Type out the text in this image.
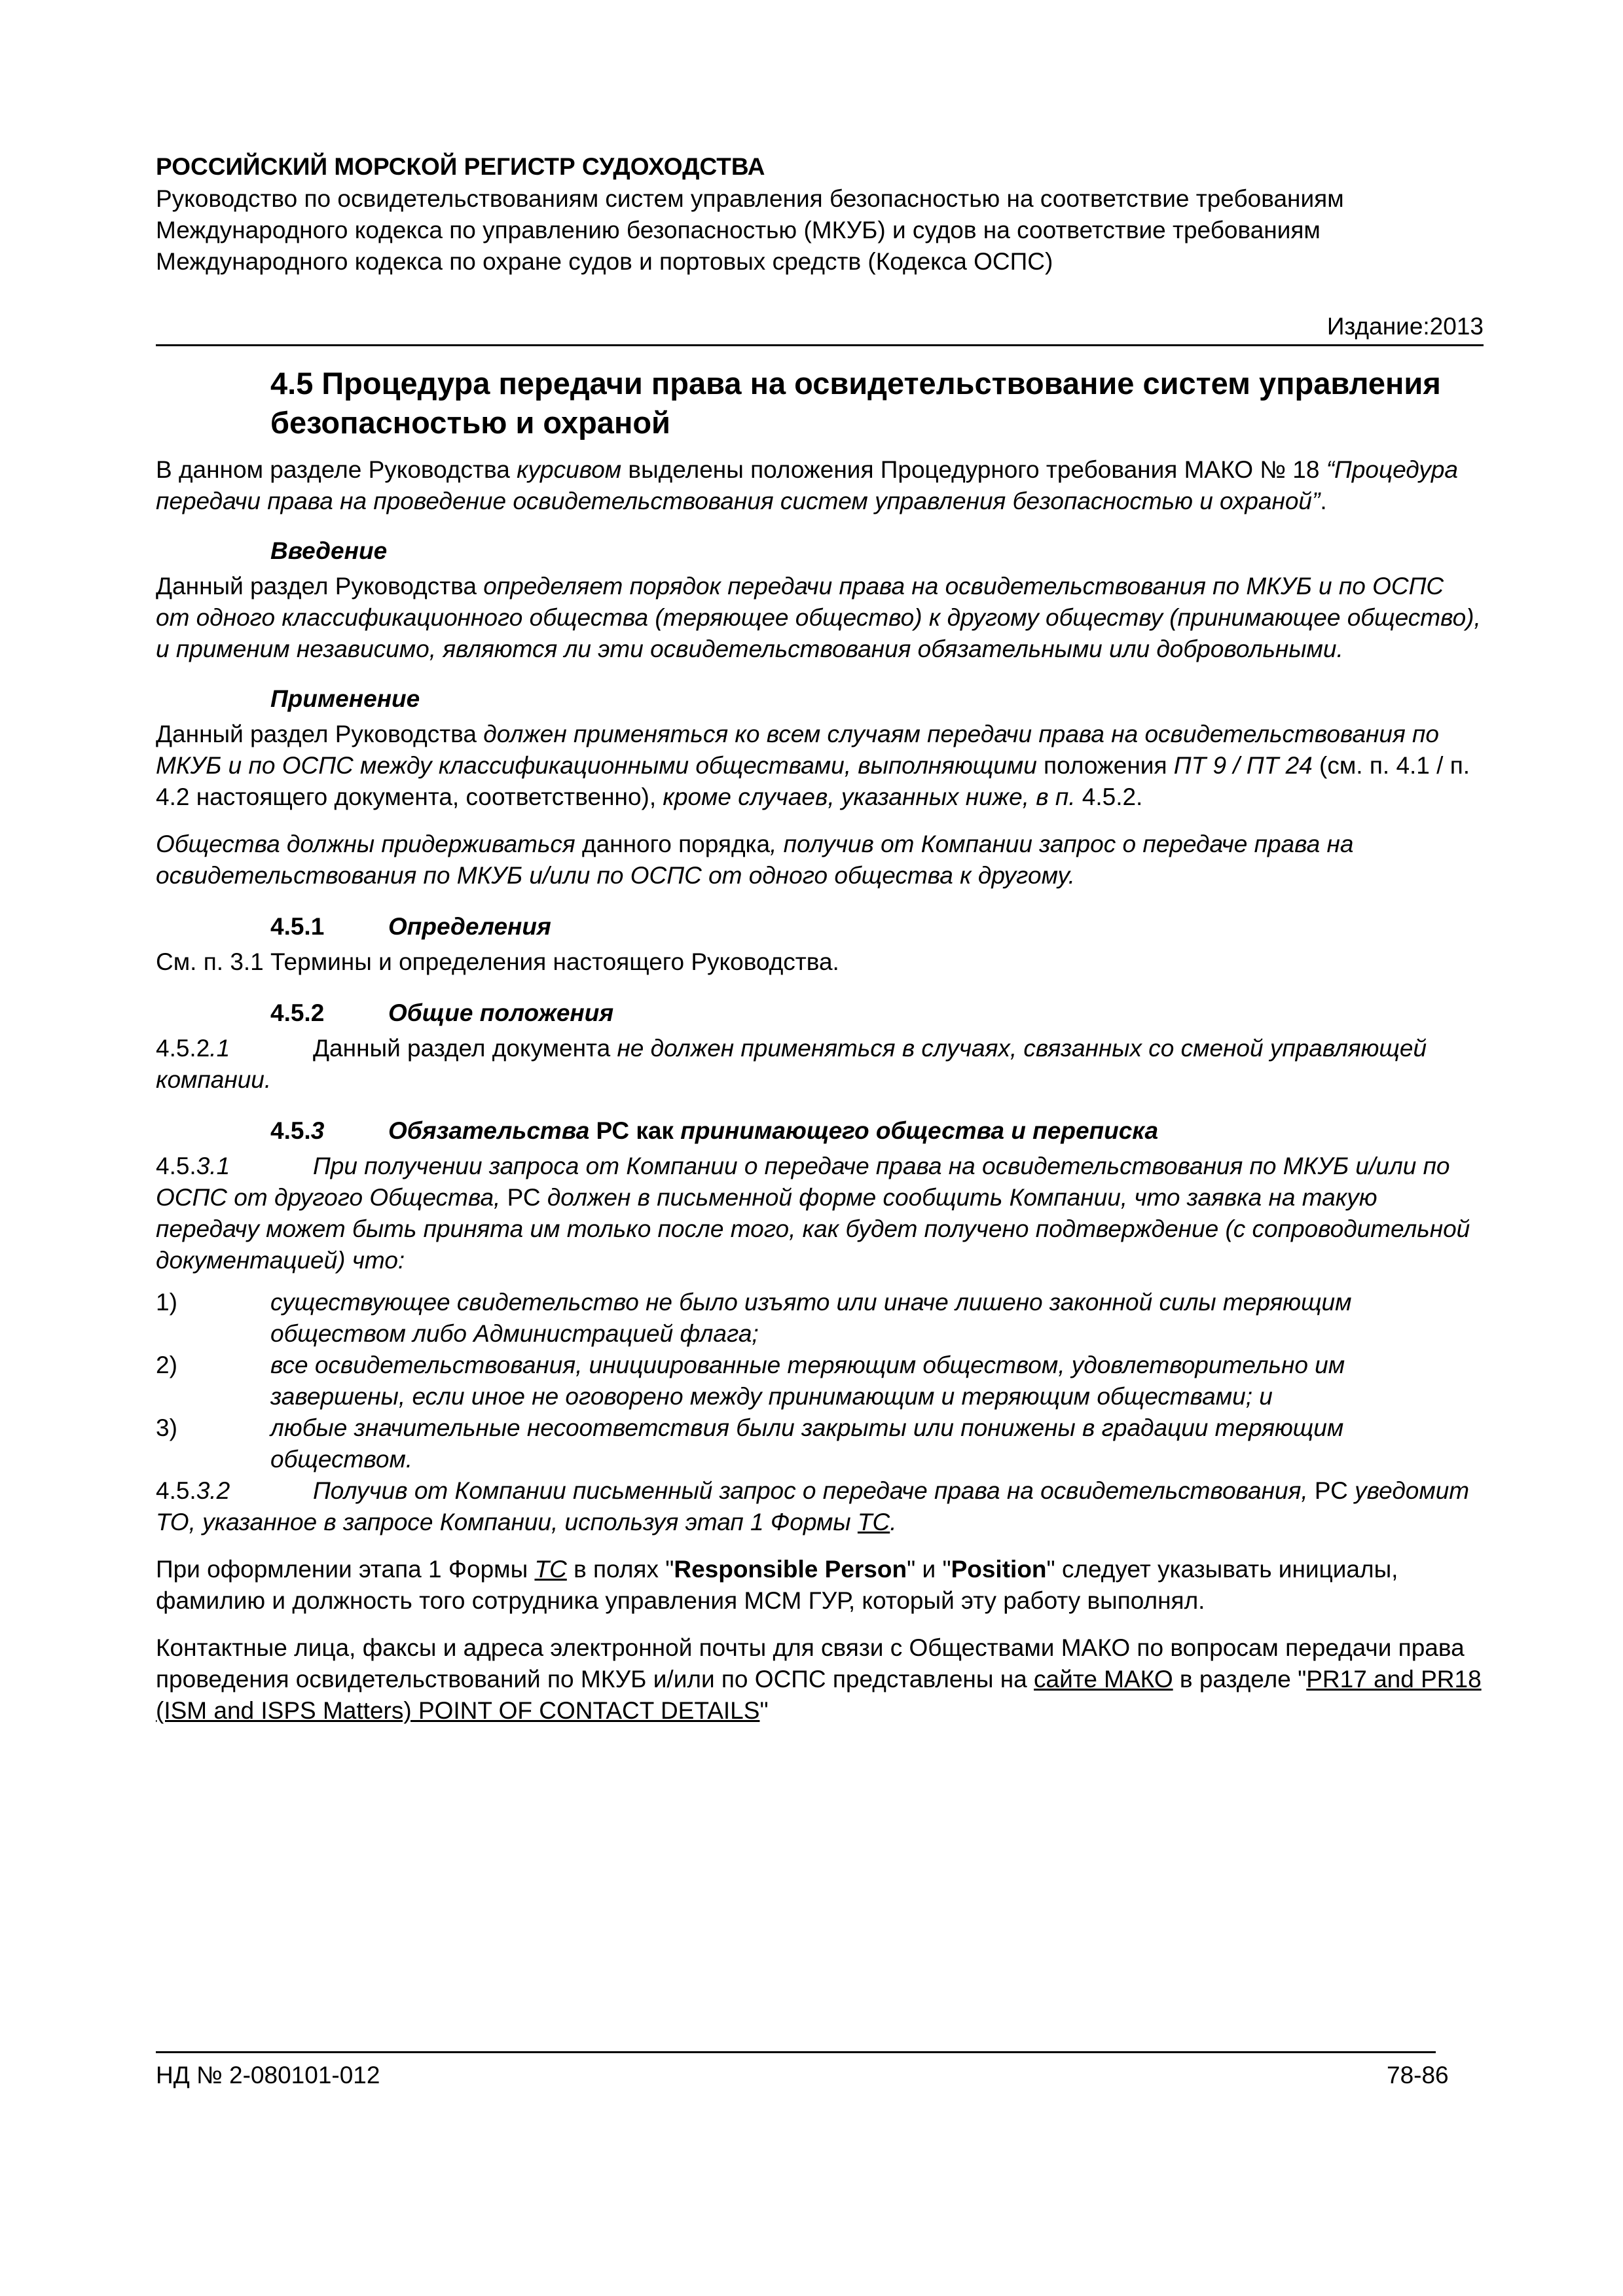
РОССИЙСКИЙ МОРСКОЙ РЕГИСТР СУДОХОДСТВА
Руководство по освидетельствованиям систем управления безопасностью на соответствие требованиям Международного кодекса по управлению безопасностью (МКУБ) и судов на соответствие требованиям Международного кодекса по охране судов и портовых средств (Кодекса ОСПС)
Издание:2013
4.5 Процедура передачи права на освидетельствование систем управления безопасностью и охраной

В данном разделе Руководства курсивом выделены положения Процедурного требования МАКО № 18 “Процедура передачи права на проведение освидетельствования систем управления безопасностью и охраной”.

Введение

Данный раздел Руководства определяет порядок передачи права на освидетельствования по МКУБ и по ОСПС от одного классификационного общества (теряющее общество) к другому обществу (принимающее общество), и применим независимо, являются ли эти освидетельствования обязательными или добровольными.

Применение

Данный раздел Руководства должен применяться ко всем случаям передачи права на освидетельствования по МКУБ и по ОСПС между классификационными обществами, выполняющими положения ПТ 9 / ПТ 24 (см. п. 4.1 / п. 4.2 настоящего документа, соответственно), кроме случаев, указанных ниже, в п. 4.5.2.

Общества должны придерживаться данного порядка, получив от Компании запрос о передаче права на освидетельствования по МКУБ и/или по ОСПС от одного общества к другому.

4.5.1	Определения

См. п. 3.1 Термины и определения настоящего Руководства.

4.5.2	Общие положения

4.5.2.1	Данный раздел документа не должен применяться в случаях, связанных со сменой управляющей компании.

4.5.3	Обязательства РС как принимающего общества и переписка

4.5.3.1	При получении запроса от Компании о передаче права на освидетельствования по МКУБ и/или по ОСПС от другого Общества, РС должен в письменной форме сообщить Компании, что заявка на такую передачу может быть принята им только после того, как будет получено подтверждение (с сопроводительной документацией) что:

1)	существующее свидетельство не было изъято или иначе лишено законной силы теряющим обществом либо Администрацией флага;
2)	все освидетельствования, инициированные теряющим обществом, удовлетворительно им завершены, если иное не оговорено между принимающим и теряющим обществами; и
3)	любые значительные несоответствия были закрыты или понижены в градации теряющим обществом.

4.5.3.2	Получив от Компании письменный запрос о передаче права на освидетельствования, РС уведомит ТО, указанное в запросе Компании, используя этап 1 Формы TC.

При оформлении этапа 1 Формы TC в полях "Responsible Person" и "Position" следует указывать инициалы, фамилию и должность того сотрудника управления МСМ ГУР, который эту работу выполнял.

Контактные лица, факсы и адреса электронной почты для связи с Обществами МАКО по вопросам передачи права проведения освидетельствований по МКУБ и/или по ОСПС представлены на сайте МАКО в разделе "PR17 and PR18 (ISM and ISPS Matters) POINT OF CONTACT DETAILS"

НД № 2-080101-012	78-86
